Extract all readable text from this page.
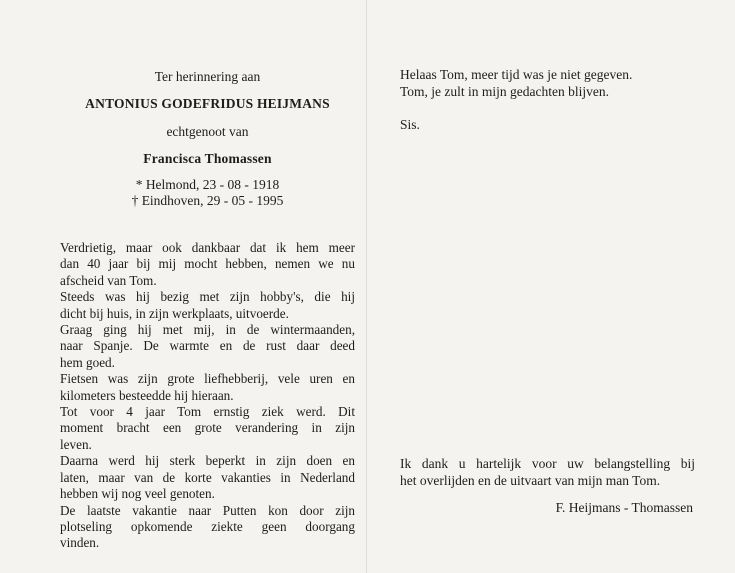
Ter herinnering aan
ANTONIUS GODEFRIDUS HEIJMANS
echtgenoot van
Francisca Thomassen
* Helmond, 23 - 08 - 1918
† Eindhoven, 29 - 05 - 1995

Verdrietig, maar ook dankbaar dat ik hem meer

dan 40 jaar bij mij mocht hebben, nemen we nu

afscheid van Tom.

Steeds was hij bezig met zijn hobby's, die hij

dicht bij huis, in zijn werkplaats, uitvoerde.

Graag ging hij met mij, in de wintermaanden,

naar Spanje. De warmte en de rust daar deed

hem goed.

Fietsen was zijn grote liefhebberij, vele uren en

kilometers besteedde hij hieraan.

Tot voor 4 jaar Tom ernstig ziek werd. Dit

moment bracht een grote verandering in zijn

leven.

Daarna werd hij sterk beperkt in zijn doen en

laten, maar van de korte vakanties in Nederland

hebben wij nog veel genoten.

De laatste vakantie naar Putten kon door zijn

plotseling opkomende ziekte geen doorgang

vinden.

Helaas Tom, meer tijd was je niet gegeven.
Tom, je zult in mijn gedachten blijven.
Sis.
Ik dank u hartelijk voor uw belangstelling bij
het overlijden en de uitvaart van mijn man Tom.
F. Heijmans - Thomassen
